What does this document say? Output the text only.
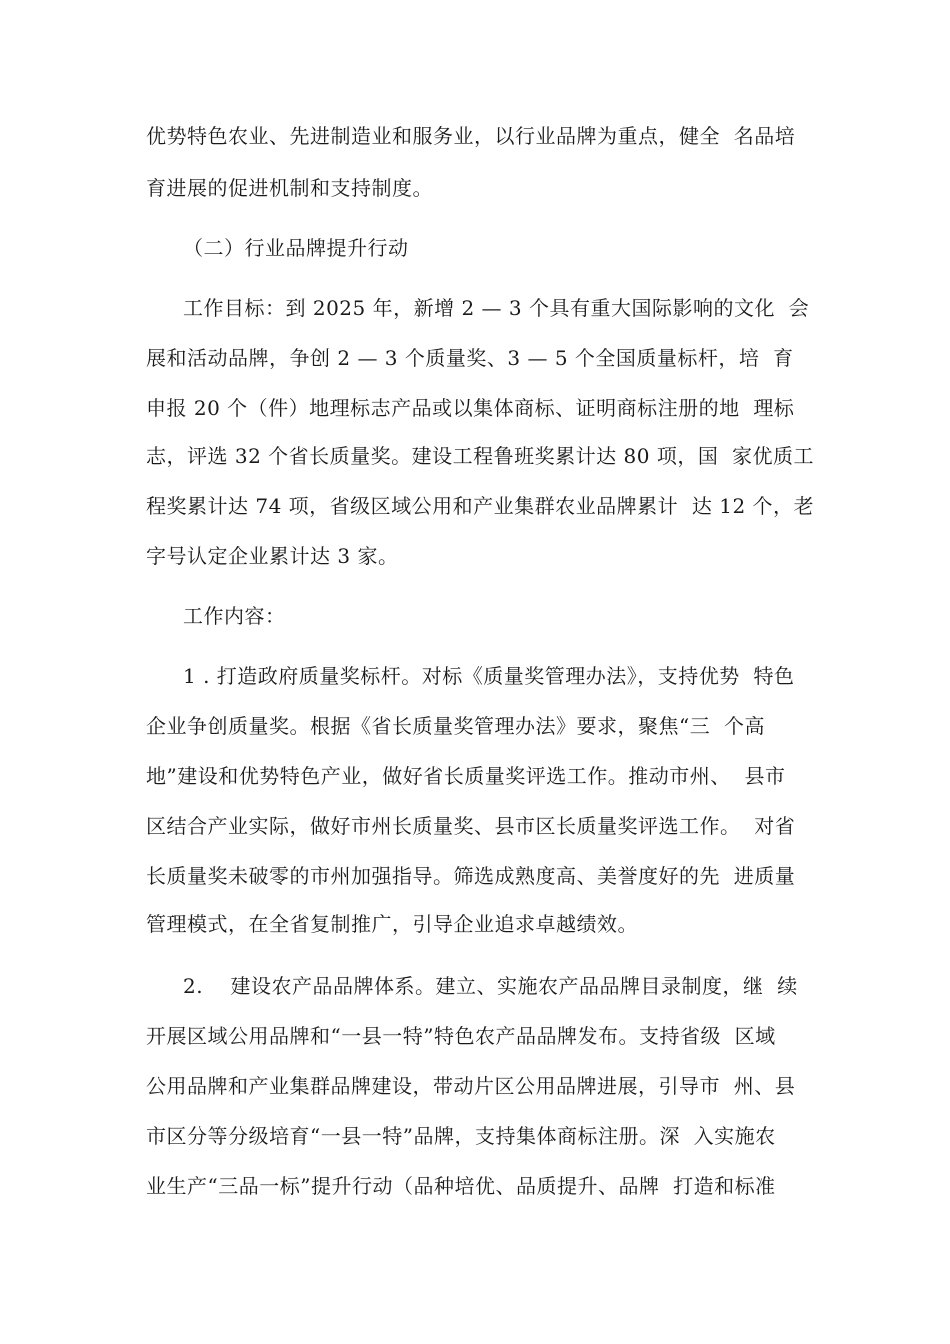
优势特色农业、先进制造业和服务业，以行业品牌为重点，健全  名品培
育进展的促进机制和支持制度。
（二）行业品牌提升行动
工作目标：到 2025 年，新增 2 — 3 个具有重大国际影响的文化  会
展和活动品牌，争创 2 — 3 个质量奖、3 — 5 个全国质量标杆，培  育
申报 20 个（件）地理标志产品或以集体商标、证明商标注册的地  理标
志，评选 32 个省长质量奖。建设工程鲁班奖累计达 80 项，国  家优质工
程奖累计达 74 项，省级区域公用和产业集群农业品牌累计  达 12 个，老
字号认定企业累计达 3 家。
工作内容：
1 . 打造政府质量奖标杆。对标《质量奖管理办法》，支持优势  特色
企业争创质量奖。根据《省长质量奖管理办法》要求，聚焦“三  个高
地”建设和优势特色产业，做好省长质量奖评选工作。推动市州、  县市
区结合产业实际，做好市州长质量奖、县市区长质量奖评选工作。  对省
长质量奖未破零的市州加强指导。筛选成熟度高、美誉度好的先  进质量
管理模式，在全省复制推广，引导企业追求卓越绩效。
2.    建设农产品品牌体系。建立、实施农产品品牌目录制度，继  续
开展区域公用品牌和“一县一特”特色农产品品牌发布。支持省级  区域
公用品牌和产业集群品牌建设，带动片区公用品牌进展，引导市  州、县
市区分等分级培育“一县一特”品牌，支持集体商标注册。深  入实施农
业生产“三品一标”提升行动（品种培优、品质提升、品牌  打造和标准
